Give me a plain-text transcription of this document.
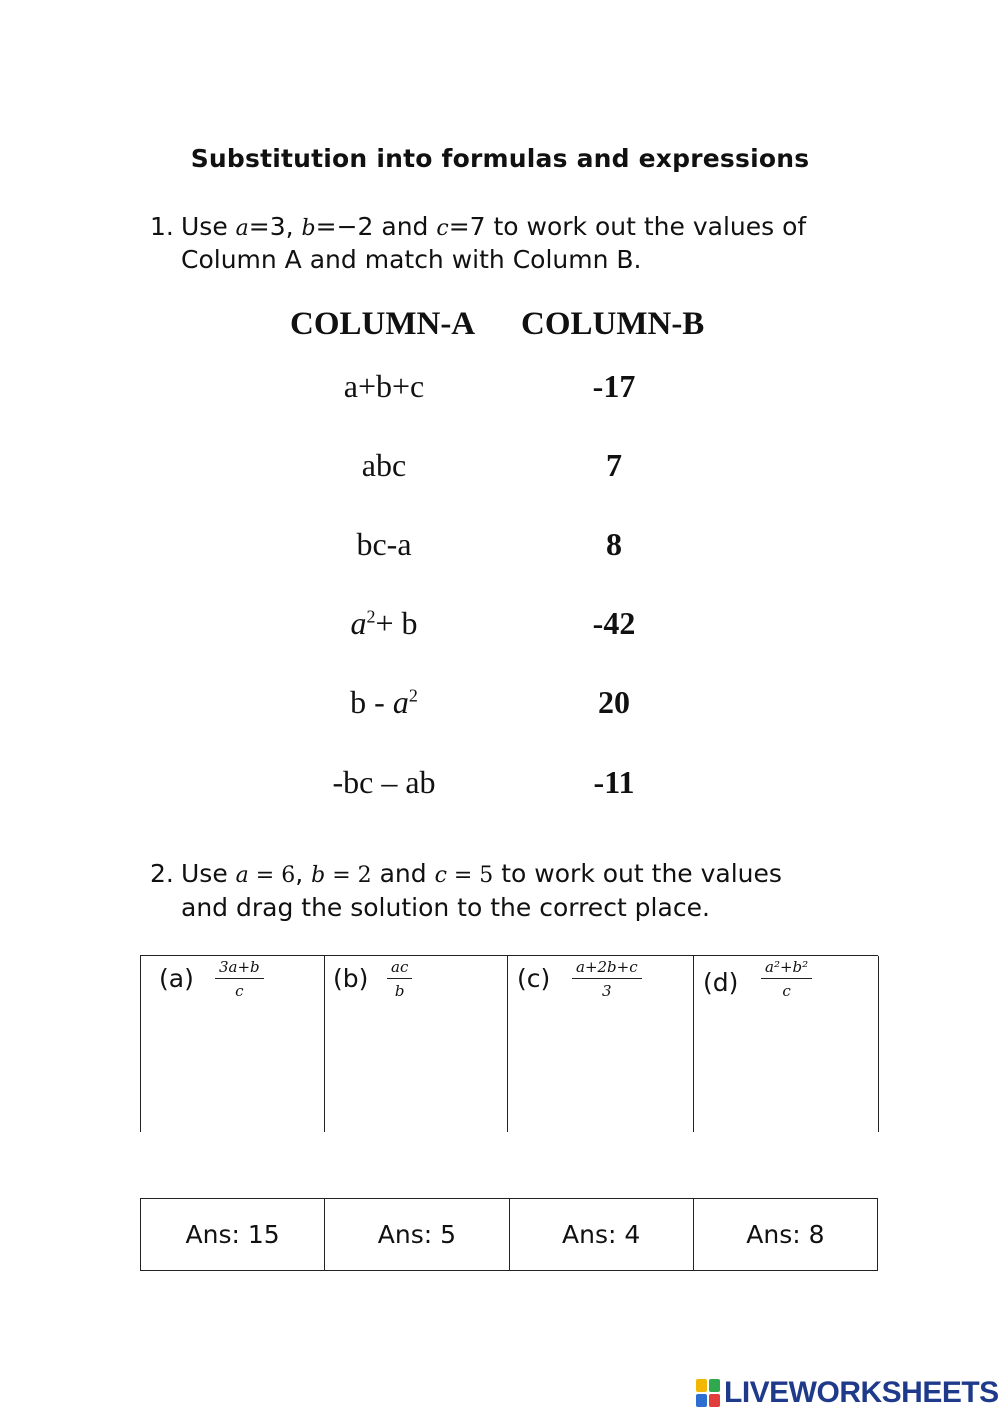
Substitution into formulas and expressions
1. Use a=3, b=−2 and c=7 to work out the values of
Column A and match with Column B.
COLUMN-A COLUMN-B
a+b+c	-17
abc	7
bc-a	8
$a^2+ b$	-42
b - $a^2$	20
-bc – ab	-11
2. Use a = 6, b = 2 and c = 5 to work out the values
and drag the solution to the correct place.
$(a) \frac{3a+b}{c}$	$(b) \frac{ac}{b}$	$(c) \frac{a+2b+c}{3} (d) \frac{\text{a²+b²}}{c}$
Ans: 15	Ans: 5	Ans: 4	Ans: 8
LIVEWORKSHEETS
